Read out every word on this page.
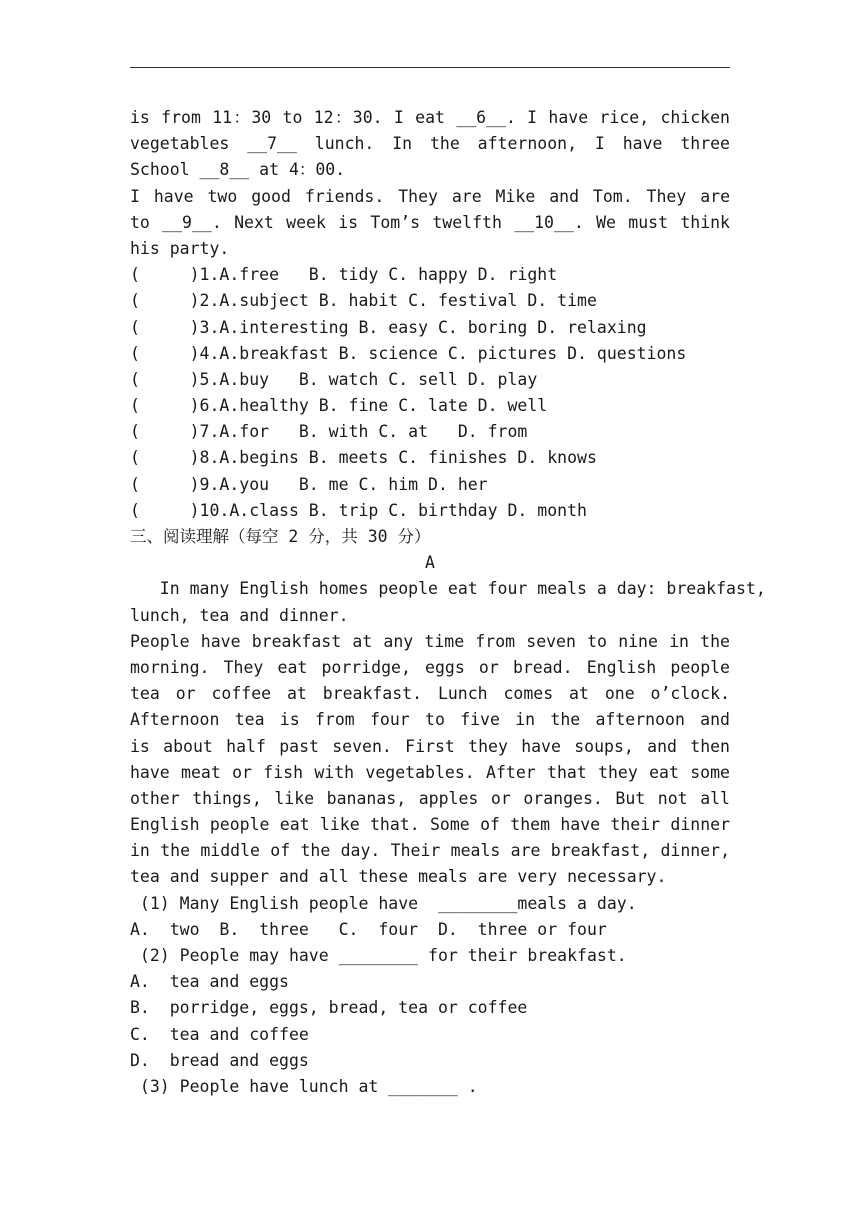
is from 11：30 to 12：30. I eat __6__. I have rice, chicken
vegetables __7__ lunch. In the afternoon, I have three
School __8__ at 4：00.
I have two good friends. They are Mike and Tom. They are
to __9__. Next week is Tom’s twelfth __10__. We must think
his party.
(     )1.A.free   B. tidy C. happy D. right
(     )2.A.subject B. habit C. festival D. time
(     )3.A.interesting B. easy C. boring D. relaxing
(     )4.A.breakfast B. science C. pictures D. questions
(     )5.A.buy   B. watch C. sell D. play
(     )6.A.healthy B. fine C. late D. well
(     )7.A.for   B. with C. at   D. from
(     )8.A.begins B. meets C. finishes D. knows
(     )9.A.you   B. me C. him D. her
(     )10.A.class B. trip C. birthday D. month
三、阅读理解（每空 2 分，共 30 分）
A
In many English homes people eat four meals a day: breakfast,
lunch, tea and dinner.
People have breakfast at any time from seven to nine in the
morning. They eat porridge, eggs or bread. English people
tea or coffee at breakfast. Lunch comes at one o’clock.
Afternoon tea is from four to five in the afternoon and
is about half past seven. First they have soups, and then
have meat or fish with vegetables. After that they eat some
other things, like bananas, apples or oranges. But not all
English people eat like that. Some of them have their dinner
in the middle of the day. Their meals are breakfast, dinner,
tea and supper and all these meals are very necessary.
(1) Many English people have  ________meals a day.
A.  two  B.  three   C.  four  D.  three or four
(2) People may have ________ for their breakfast.
A.  tea and eggs
B.  porridge, eggs, bread, tea or coffee
C.  tea and coffee
D.  bread and eggs
(3) People have lunch at _______ .
